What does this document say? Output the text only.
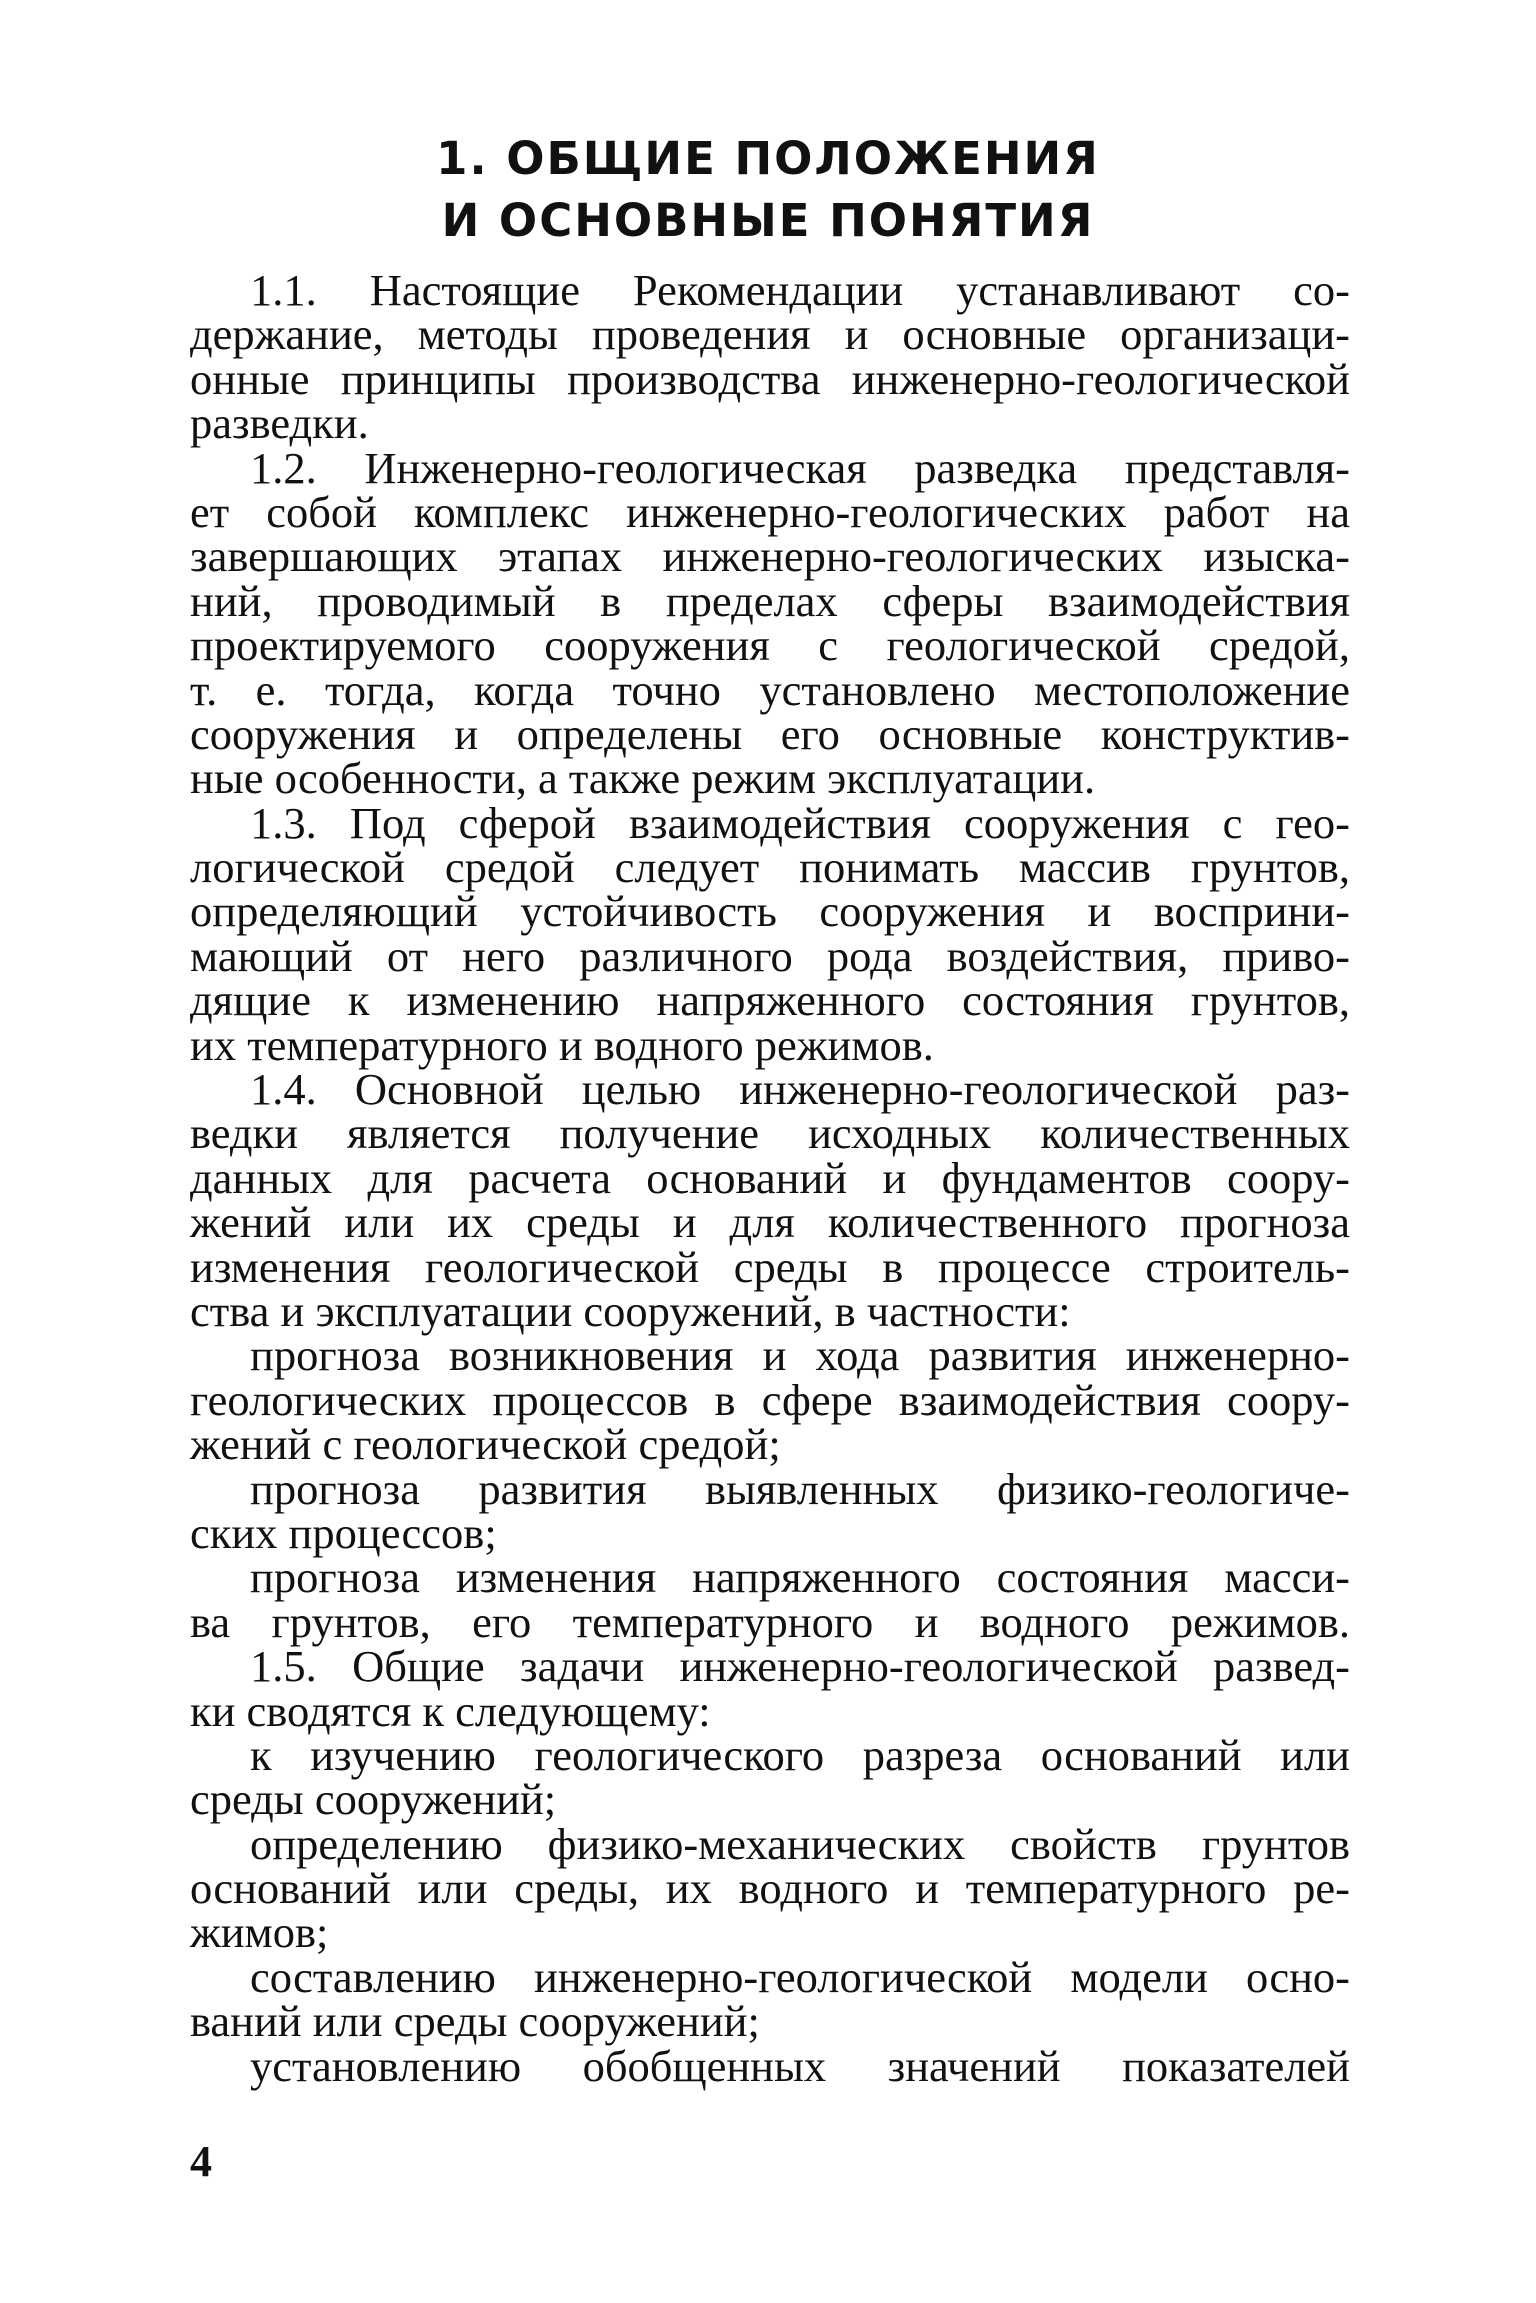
1. ОБЩИЕ ПОЛОЖЕНИЯ
И ОСНОВНЫЕ ПОНЯТИЯ
1.1. Настоящие Рекомендации устанавливают со-
держание, методы проведения и основные организаци-
онные принципы производства инженерно-геологической
разведки.
1.2. Инженерно-геологическая разведка представля-
ет собой комплекс инженерно-геологических работ на
завершающих этапах инженерно-геологических изыска-
ний, проводимый в пределах сферы взаимодействия
проектируемого сооружения с геологической средой,
т. е. тогда, когда точно установлено местоположение
сооружения и определены его основные конструктив-
ные особенности, а также режим эксплуатации.
1.3. Под сферой взаимодействия сооружения с гео-
логической средой следует понимать массив грунтов,
определяющий устойчивость сооружения и восприни-
мающий от него различного рода воздействия, приво-
дящие к изменению напряженного состояния грунтов,
их температурного и водного режимов.
1.4. Основной целью инженерно-геологической раз-
ведки является получение исходных количественных
данных для расчета оснований и фундаментов соору-
жений или их среды и для количественного прогноза
изменения геологической среды в процессе строитель-
ства и эксплуатации сооружений, в частности:
прогноза возникновения и хода развития инженерно-
геологических процессов в сфере взаимодействия соору-
жений с геологической средой;
прогноза развития выявленных физико-геологиче-
ских процессов;
прогноза изменения напряженного состояния масси-
ва грунтов, его температурного и водного режимов.
1.5. Общие задачи инженерно-геологической развед-
ки сводятся к следующему:
к изучению геологического разреза оснований или
среды сооружений;
определению физико-механических свойств грунтов
оснований или среды, их водного и температурного ре-
жимов;
составлению инженерно-геологической модели осно-
ваний или среды сооружений;
установлению обобщенных значений показателей
4
